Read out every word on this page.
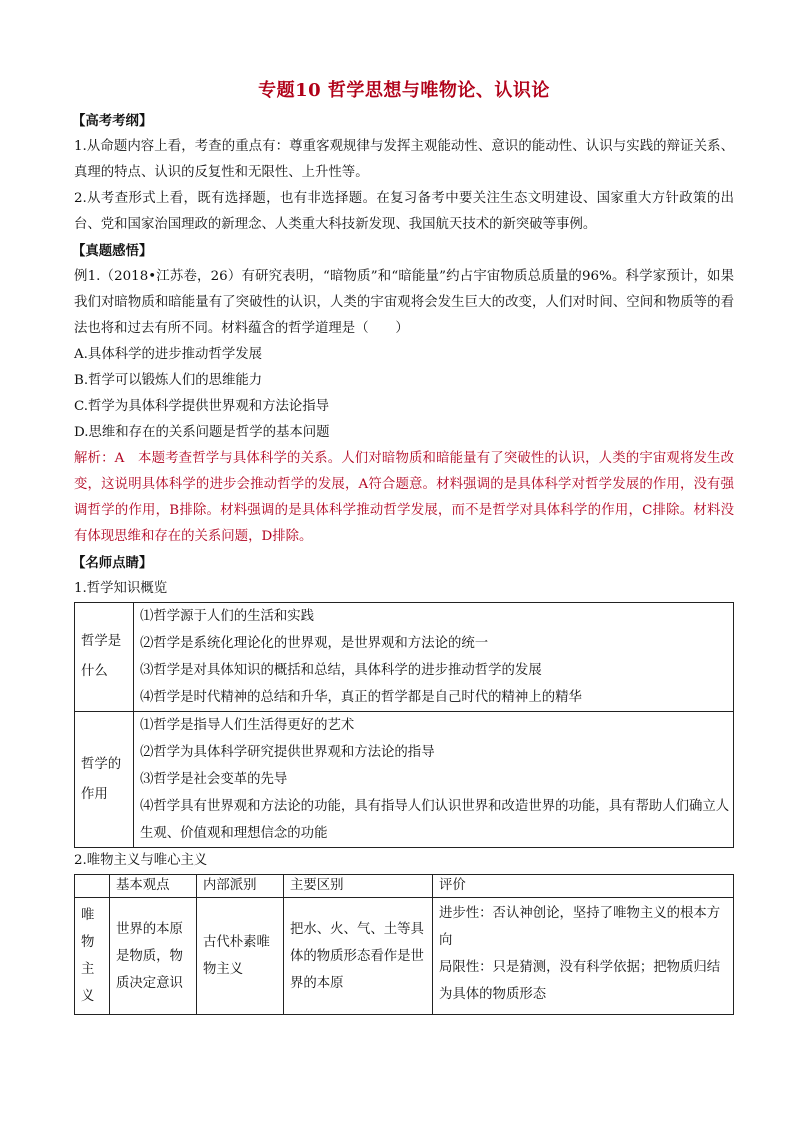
专题10 哲学思想与唯物论、认识论
【高考考纲】

1.从命题内容上看，考查的重点有：尊重客观规律与发挥主观能动性、意识的能动性、认识与实践的辩证关系、真理的特点、认识的反复性和无限性、上升性等。

2.从考查形式上看，既有选择题，也有非选择题。在复习备考中要关注生态文明建设、国家重大方针政策的出台、党和国家治国理政的新理念、人类重大科技新发现、我国航天技术的新突破等事例。

【真题感悟】

例1.（2018•江苏卷，26）有研究表明，“暗物质”和“暗能量”约占宇宙物质总质量的96%。科学家预计，如果我们对暗物质和暗能量有了突破性的认识，人类的宇宙观将会发生巨大的改变，人们对时间、空间和物质等的看法也将和过去有所不同。材料蕴含的哲学道理是（　　）

A.具体科学的进步推动哲学发展

B.哲学可以锻炼人们的思维能力

C.哲学为具体科学提供世界观和方法论指导

D.思维和存在的关系问题是哲学的基本问题

解析：A　本题考查哲学与具体科学的关系。人们对暗物质和暗能量有了突破性的认识，人类的宇宙观将发生改变，这说明具体科学的进步会推动哲学的发展，A符合题意。材料强调的是具体科学对哲学发展的作用，没有强调哲学的作用，B排除。材料强调的是具体科学推动哲学发展，而不是哲学对具体科学的作用，C排除。材料没有体现思维和存在的关系问题，D排除。

【名师点睛】

1.哲学知识概览

哲学是 什么	⑴哲学源于人们的生活和实践
⑵哲学是系统化理论化的世界观，是世界观和方法论的统一
⑶哲学是对具体知识的概括和总结，具体科学的进步推动哲学的发展
⑷哲学是时代精神的总结和升华，真正的哲学都是自己时代的精神上的精华

哲学的 作用	⑴哲学是指导人们生活得更好的艺术
⑵哲学为具体科学研究提供世界观和方法论的指导
⑶哲学是社会变革的先导
⑷哲学具有世界观和方法论的功能，具有指导人们认识世界和改造世界的功能，具有帮助人们确立人生观、价值观和理想信念的功能

2.唯物主义与唯心主义

	基本观点	内部派别	主要区别	评价
唯物主义	世界的本原是物质，物质决定意识	古代朴素唯物主义	把水、火、气、土等具体的物质形态看作是世界的本原	进步性：否认神创论，坚持了唯物主义的根本方向
局限性：只是猜测，没有科学依据；把物质归结为具体的物质形态
